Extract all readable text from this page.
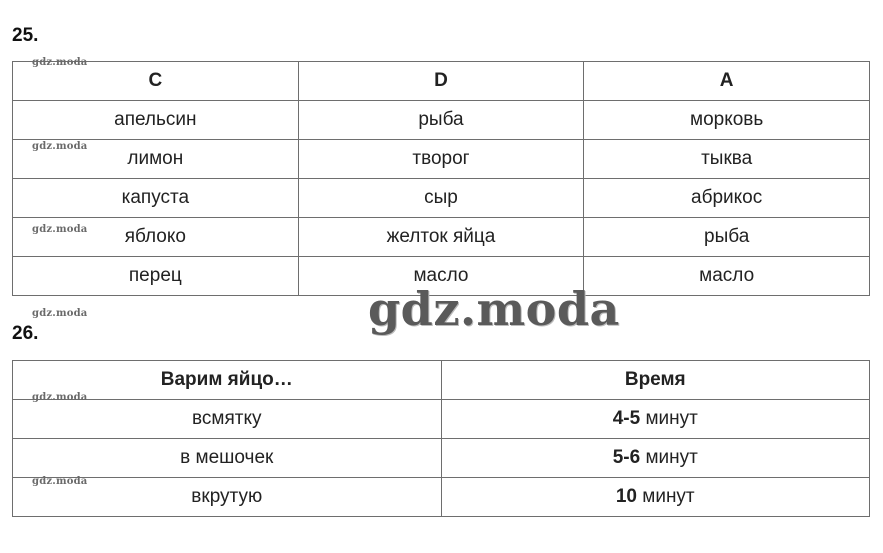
25.
C	D	A
апельсин	рыба	морковь
лимон	творог	тыква
капуста	сыр	абрикос
яблоко	желток яйца	рыба
перец	масло	масло
26.
Варим яйцо…	Время
всмятку	4-5 минут
в мешочек	5-6 минут
вкрутую	10 минут
gdz.moda
gdz.moda
gdz.moda
gdz.moda
gdz.moda
gdz.moda
gdz.moda
